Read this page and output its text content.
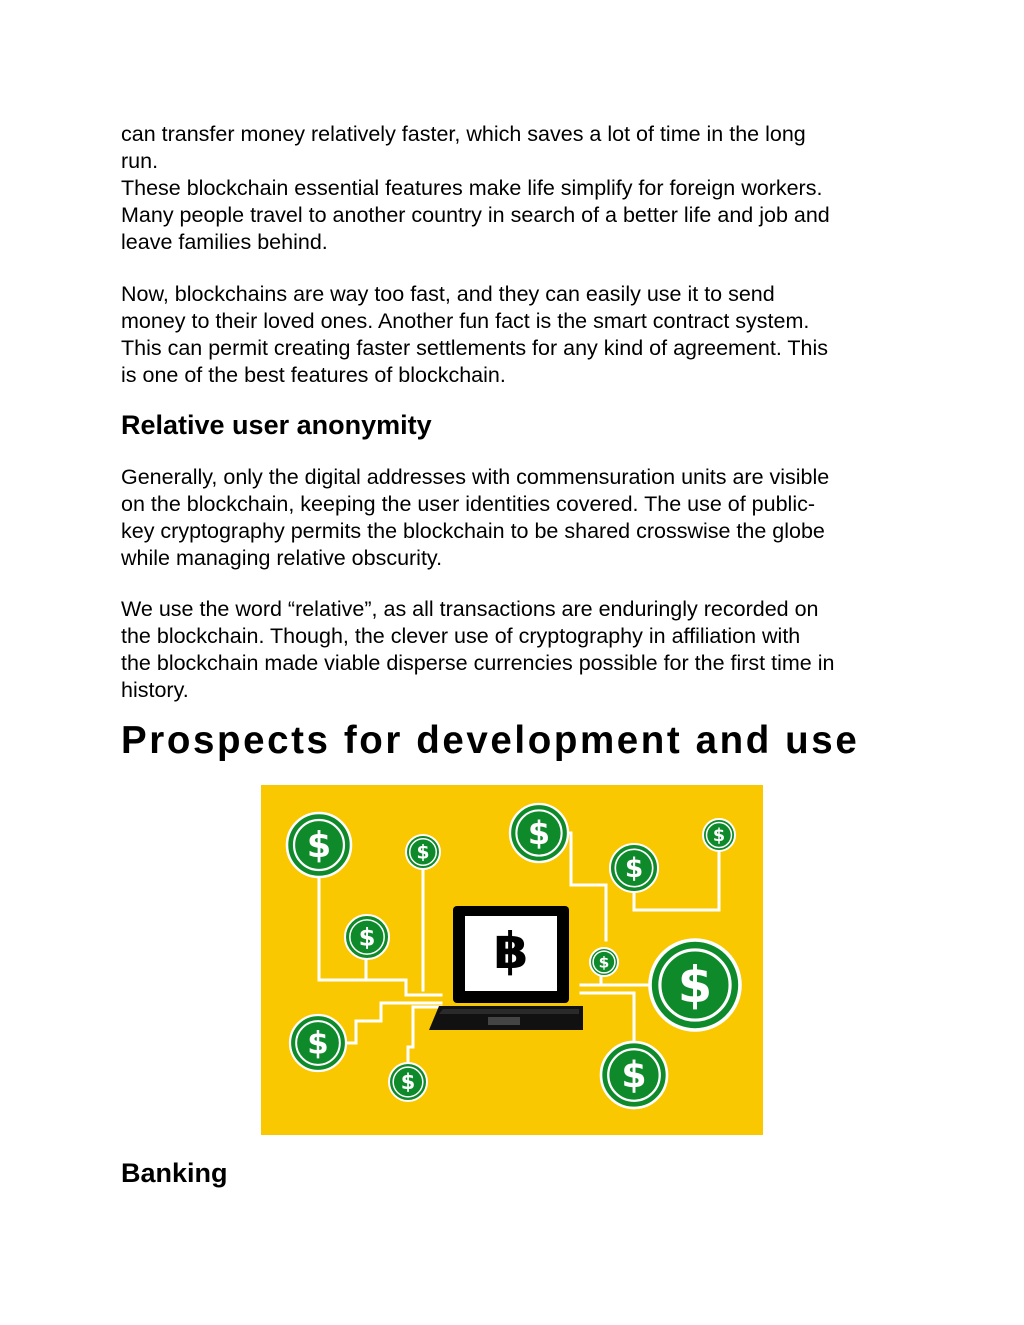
can transfer money relatively faster, which saves a lot of time in the long
run.
These blockchain essential features make life simplify for foreign workers.
Many people travel to another country in search of a better life and job and
leave families behind.

Now, blockchains are way too fast, and they can easily use it to send
money to their loved ones. Another fun fact is the smart contract system.
This can permit creating faster settlements for any kind of agreement. This
is one of the best features of blockchain.

Relative user anonymity

Generally, only the digital addresses with commensuration units are visible
on the blockchain, keeping the user identities covered. The use of public-
key cryptography permits the blockchain to be shared crosswise the globe
while managing relative obscurity.

We use the word “relative”, as all transactions are enduringly recorded on
the blockchain. Though, the clever use of cryptography in affiliation with
the blockchain made viable disperse currencies possible for the first time in
history.

Prospects for development and use
Banking
$	$
$
$
$
$
$ $
$
$	$
฿
